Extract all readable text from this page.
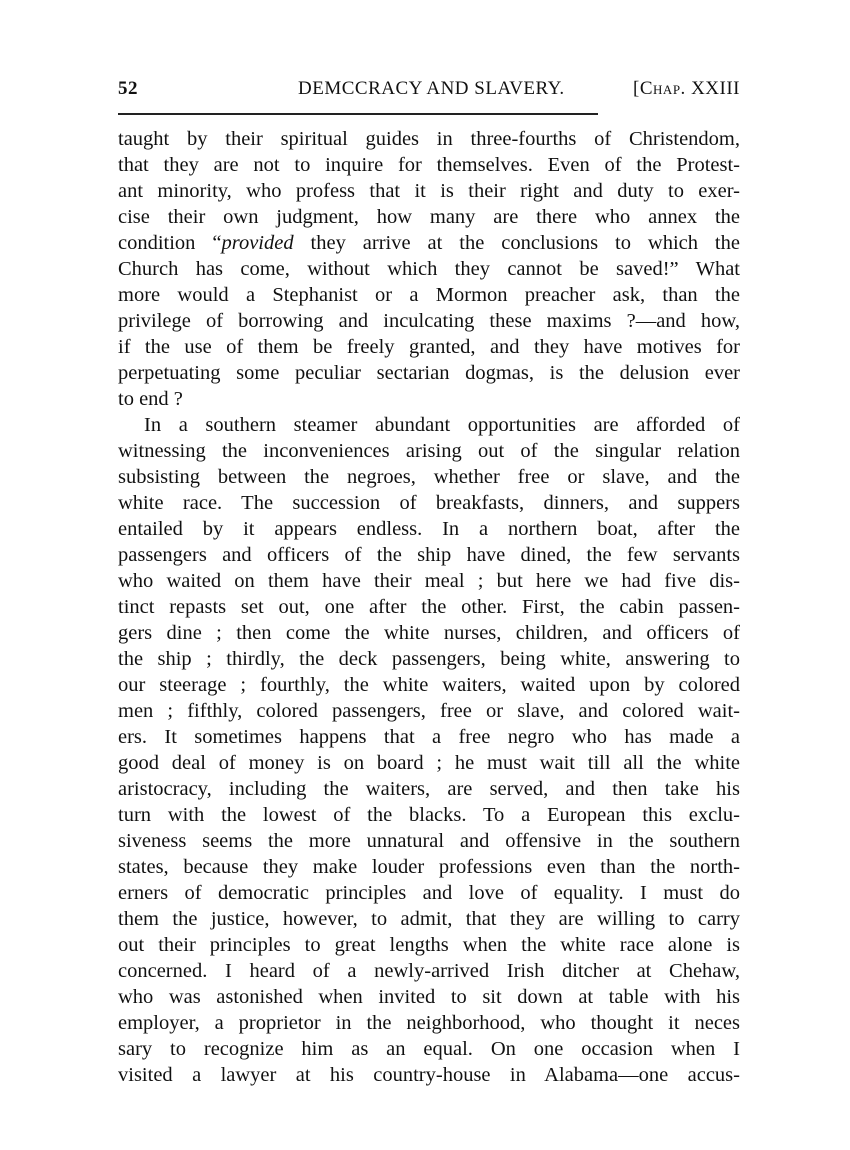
52	DEMCCRACY AND SLAVERY.	[Chap. XXIII
taught by their spiritual guides in three-fourths of Christendom,
that they are not to inquire for themselves. Even of the Protest-
ant minority, who profess that it is their right and duty to exer-
cise their own judgment, how many are there who annex the
condition “provided they arrive at the conclusions to which the
Church has come, without which they cannot be saved!” What
more would a Stephanist or a Mormon preacher ask, than the
privilege of borrowing and inculcating these maxims ?—and how,
if the use of them be freely granted, and they have motives for
perpetuating some peculiar sectarian dogmas, is the delusion ever
to end ?
In a southern steamer abundant opportunities are afforded of
witnessing the inconveniences arising out of the singular relation
subsisting between the negroes, whether free or slave, and the
white race. The succession of breakfasts, dinners, and suppers
entailed by it appears endless. In a northern boat, after the
passengers and officers of the ship have dined, the few servants
who waited on them have their meal ; but here we had five dis-
tinct repasts set out, one after the other. First, the cabin passen-
gers dine ; then come the white nurses, children, and officers of
the ship ; thirdly, the deck passengers, being white, answering to
our steerage ; fourthly, the white waiters, waited upon by colored
men ; fifthly, colored passengers, free or slave, and colored wait-
ers. It sometimes happens that a free negro who has made a
good deal of money is on board ; he must wait till all the white
aristocracy, including the waiters, are served, and then take his
turn with the lowest of the blacks. To a European this exclu-
siveness seems the more unnatural and offensive in the southern
states, because they make louder professions even than the north-
erners of democratic principles and love of equality. I must do
them the justice, however, to admit, that they are willing to carry
out their principles to great lengths when the white race alone is
concerned. I heard of a newly-arrived Irish ditcher at Chehaw,
who was astonished when invited to sit down at table with his
employer, a proprietor in the neighborhood, who thought it neces
sary to recognize him as an equal. On one occasion when I
visited a lawyer at his country-house in Alabama—one accus-
